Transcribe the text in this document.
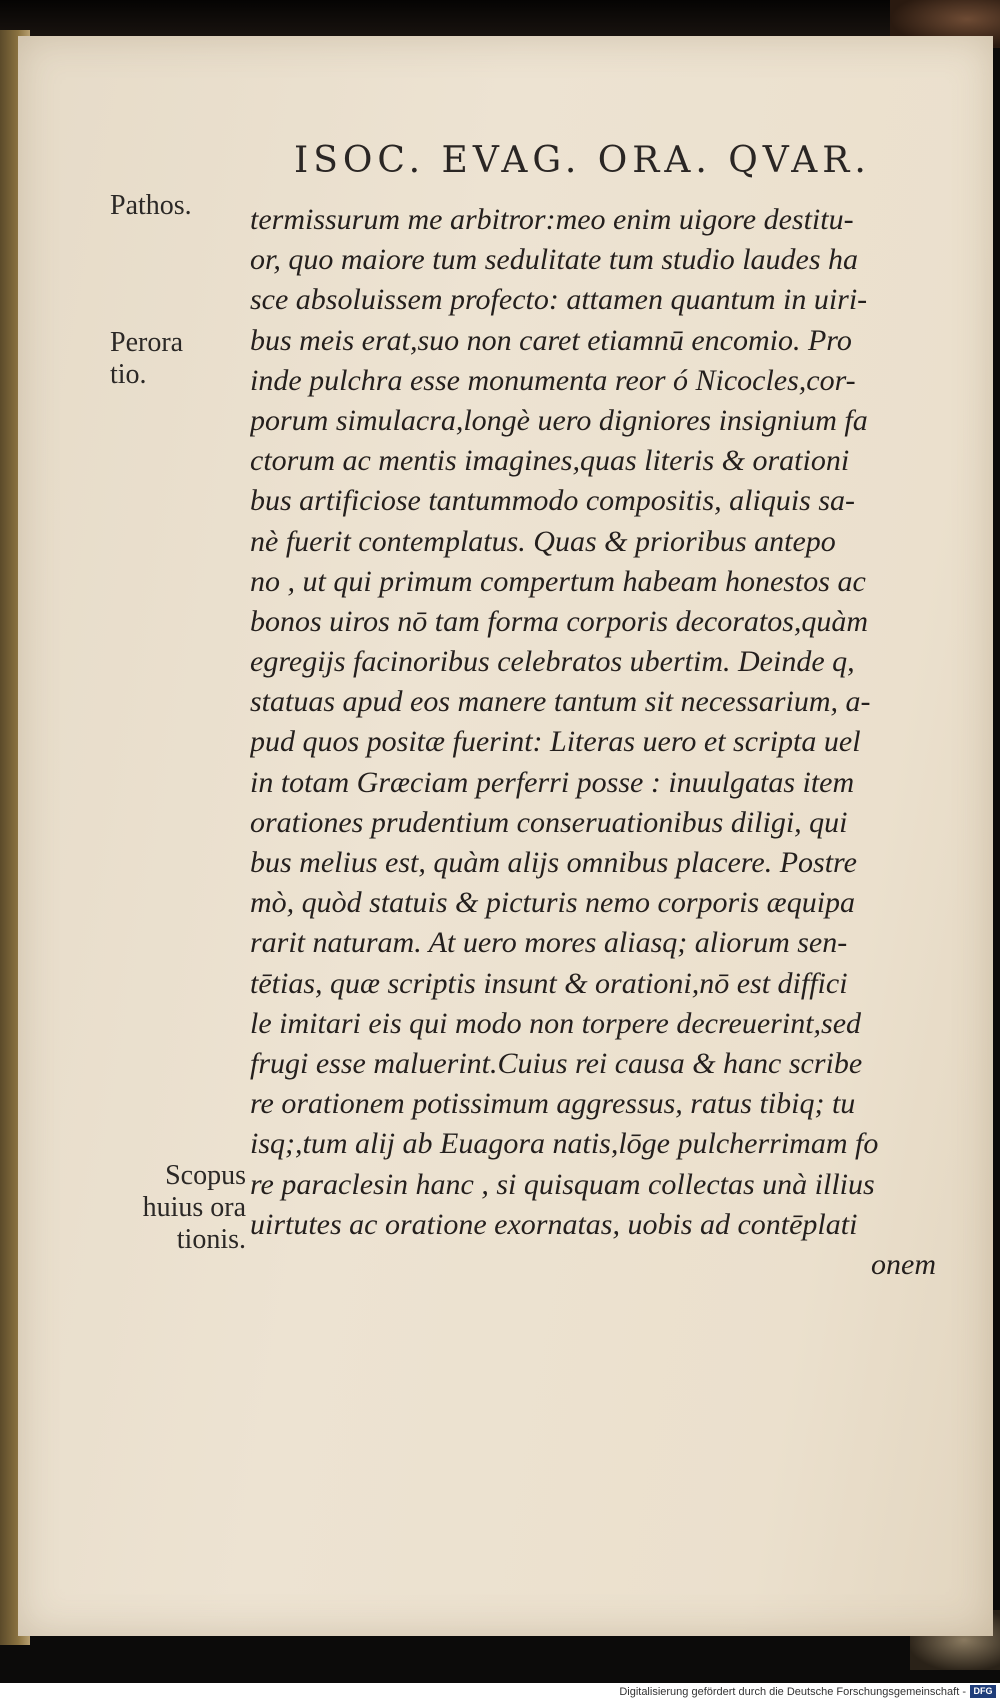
ISOC. EVAG. ORA. QVAR.
Pathos.
Perora
tio.
Scopus
huius ora
tionis.
termissurum me arbitror:meo enim uigore destitu-
or, quo maiore tum sedulitate tum studio laudes ha
sce absoluissem profecto: attamen quantum in uiri-
bus meis erat,suo non caret etiamnū encomio. Pro
inde pulchra esse monumenta reor ó Nicocles,cor-
porum simulacra,longè uero digniores insignium fa
ctorum ac mentis imagines,quas literis & orationi
bus artificiose tantummodo compositis, aliquis sa-
nè fuerit contemplatus. Quas & prioribus antepo
no , ut qui primum compertum habeam honestos ac
bonos uiros nō tam forma corporis decoratos,quàm
egregijs facinoribus celebratos ubertim. Deinde q,
statuas apud eos manere tantum sit necessarium, a-
pud quos positæ fuerint: Literas uero et scripta uel
in totam Græciam perferri posse : inuulgatas item
orationes prudentium conseruationibus diligi, qui
bus melius est, quàm alijs omnibus placere. Postre
mò, quòd statuis & picturis nemo corporis æquipa
rarit naturam. At uero mores aliasq; aliorum sen-
tētias, quæ scriptis insunt & orationi,nō est diffici
le imitari eis qui modo non torpere decreuerint,sed
frugi esse maluerint.Cuius rei causa & hanc scribe
re orationem potissimum aggressus, ratus tibiq; tu
isq;,tum alij ab Euagora natis,lōge pulcherrimam fo
re paraclesin hanc , si quisquam collectas unà illius
uirtutes ac oratione exornatas, uobis ad contēplati
onem
Digitalisierung gefördert durch die Deutsche Forschungsgemeinschaft - DFG
